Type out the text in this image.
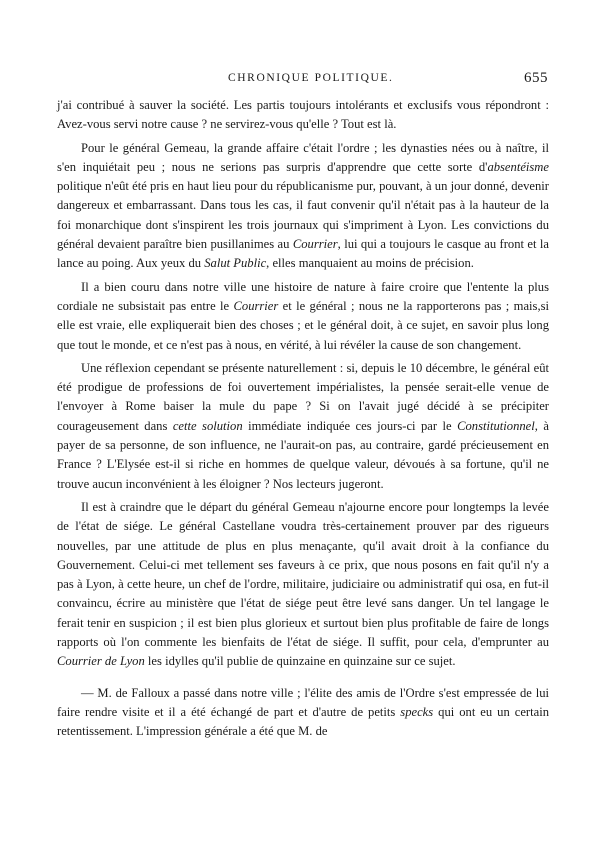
CHRONIQUE POLITIQUE.	655

j'ai contribué à sauver la société. Les partis toujours intolérants et exclusifs vous répondront : Avez-vous servi notre cause ? ne servirez-vous qu'elle ? Tout est là.

Pour le général Gemeau, la grande affaire c'était l'ordre ; les dynasties nées ou à naître, il s'en inquiétait peu ; nous ne serions pas surpris d'apprendre que cette sorte d'absentéisme politique n'eût été pris en haut lieu pour du républicanisme pur, pouvant, à un jour donné, devenir dangereux et embarrassant. Dans tous les cas, il faut convenir qu'il n'était pas à la hauteur de la foi monarchique dont s'inspirent les trois journaux qui s'impriment à Lyon. Les convictions du général devaient paraître bien pusillanimes au Courrier, lui qui a toujours le casque au front et la lance au poing. Aux yeux du Salut Public, elles manquaient au moins de précision.

Il a bien couru dans notre ville une histoire de nature à faire croire que l'entente la plus cordiale ne subsistait pas entre le Courrier et le général ; nous ne la rapporterons pas ; mais,si elle est vraie, elle expliquerait bien des choses ; et le général doit, à ce sujet, en savoir plus long que tout le monde, et ce n'est pas à nous, en vérité, à lui révéler la cause de son changement.

Une réflexion cependant se présente naturellement : si, depuis le 10 décembre, le général eût été prodigue de professions de foi ouvertement impérialistes, la pensée serait-elle venue de l'envoyer à Rome baiser la mule du pape ? Si on l'avait jugé décidé à se précipiter courageusement dans cette solution immédiate indiquée ces jours-ci par le Constitutionnel, à payer de sa personne, de son influence, ne l'aurait-on pas, au contraire, gardé précieusement en France ? L'Elysée est-il si riche en hommes de quelque valeur, dévoués à sa fortune, qu'il ne trouve aucun inconvénient à les éloigner ? Nos lecteurs jugeront.

Il est à craindre que le départ du général Gemeau n'ajourne encore pour longtemps la levée de l'état de siége. Le général Castellane voudra très-certainement prouver par des rigueurs nouvelles, par une attitude de plus en plus menaçante, qu'il avait droit à la confiance du Gouvernement. Celui-ci met tellement ses faveurs à ce prix, que nous posons en fait qu'il n'y a pas à Lyon, à cette heure, un chef de l'ordre, militaire, judiciaire ou administratif qui osa, en fut-il convaincu, écrire au ministère que l'état de siége peut être levé sans danger. Un tel langage le ferait tenir en suspicion ; il est bien plus glorieux et surtout bien plus profitable de faire de longs rapports où l'on commente les bienfaits de l'état de siége. Il suffit, pour cela, d'emprunter au Courrier de Lyon les idylles qu'il publie de quinzaine en quinzaine sur ce sujet.

— M. de Falloux a passé dans notre ville ; l'élite des amis de l'Ordre s'est empressée de lui faire rendre visite et il a été échangé de part et d'autre de petits specks qui ont eu un certain retentissement. L'impression générale a été que M. de
